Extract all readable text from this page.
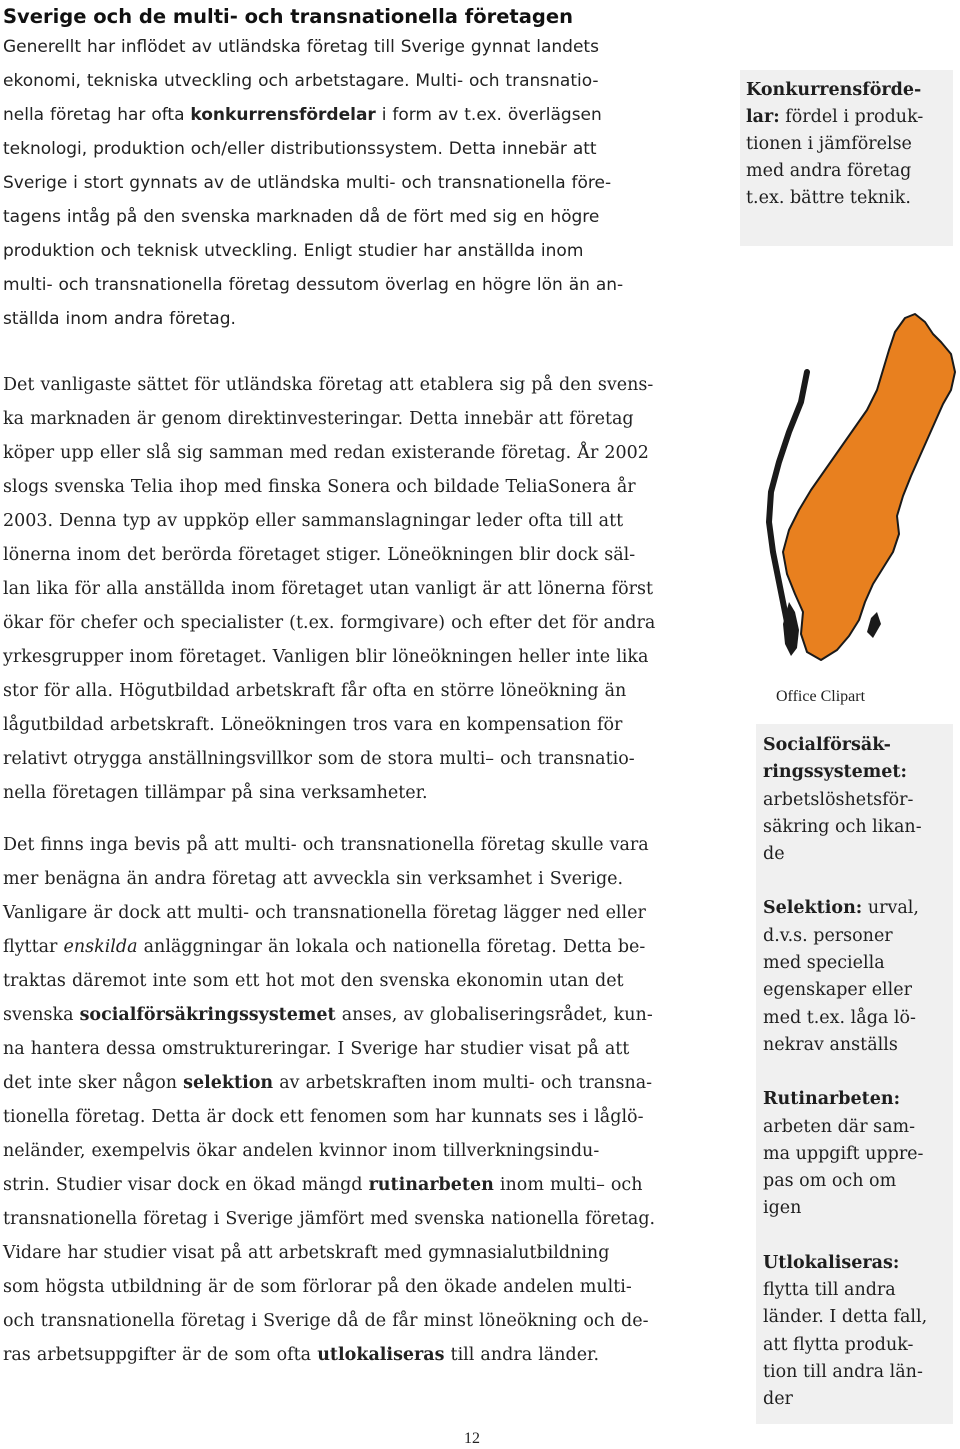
Sverige och de multi- och transnationella företagen
Generellt har inflödet av utländska företag till Sverige gynnat landets
ekonomi, tekniska utveckling och arbetstagare. Multi- och transnatio-
nella företag har ofta konkurrensfördelar i form av t.ex. överlägsen
teknologi, produktion och/eller distributionssystem. Detta innebär att
Sverige i stort gynnats av de utländska multi- och transnationella före-
tagens intåg på den svenska marknaden då de fört med sig en högre
produktion och teknisk utveckling. Enligt studier har anställda inom
multi- och transnationella företag dessutom överlag en högre lön än an-
ställda inom andra företag.
Det vanligaste sättet för utländska företag att etablera sig på den svens-
ka marknaden är genom direktinvesteringar. Detta innebär att företag
köper upp eller slå sig samman med redan existerande företag. År 2002
slogs svenska Telia ihop med finska Sonera och bildade TeliaSonera år
2003. Denna typ av uppköp eller sammanslagningar leder ofta till att
lönerna inom det berörda företaget stiger. Löneökningen blir dock säl-
lan lika för alla anställda inom företaget utan vanligt är att lönerna först
ökar för chefer och specialister (t.ex. formgivare) och efter det för andra
yrkesgrupper inom företaget. Vanligen blir löneökningen heller inte lika
stor för alla. Högutbildad arbetskraft får ofta en större löneökning än
lågutbildad arbetskraft. Löneökningen tros vara en kompensation för
relativt otrygga anställningsvillkor som de stora multi– och transnatio-
nella företagen tillämpar på sina verksamheter.
Det finns inga bevis på att multi- och transnationella företag skulle vara
mer benägna än andra företag att avveckla sin verksamhet i Sverige.
Vanligare är dock att multi- och transnationella företag lägger ned eller
flyttar enskilda anläggningar än lokala och nationella företag. Detta be-
traktas däremot inte som ett hot mot den svenska ekonomin utan det
svenska socialförsäkringssystemet anses, av globaliseringsrådet, kun-
na hantera dessa omstruktureringar. I Sverige har studier visat på att
det inte sker någon selektion av arbetskraften inom multi- och transna-
tionella företag. Detta är dock ett fenomen som har kunnats ses i låglö-
neländer, exempelvis ökar andelen kvinnor inom tillverkningsindu-
strin. Studier visar dock en ökad mängd rutinarbeten inom multi– och
transnationella företag i Sverige jämfört med svenska nationella företag.
Vidare har studier visat på att arbetskraft med gymnasialutbildning
som högsta utbildning är de som förlorar på den ökade andelen multi-
och transnationella företag i Sverige då de får minst löneökning och de-
ras arbetsuppgifter är de som ofta utlokaliseras till andra länder.
Konkurrensförde-
lar: fördel i produk-
tionen i jämförelse
med andra företag
t.ex. bättre teknik.
Office Clipart
Socialförsäk-
ringssystemet:
arbetslöshetsför-
säkring och likan-
de
Selektion: urval,
d.v.s. personer
med speciella
egenskaper eller
med t.ex. låga lö-
nekrav anställs
Rutinarbeten:
arbeten där sam-
ma uppgift uppre-
pas om och om
igen
Utlokaliseras:
flytta till andra
länder. I detta fall,
att flytta produk-
tion till andra län-
der
12
